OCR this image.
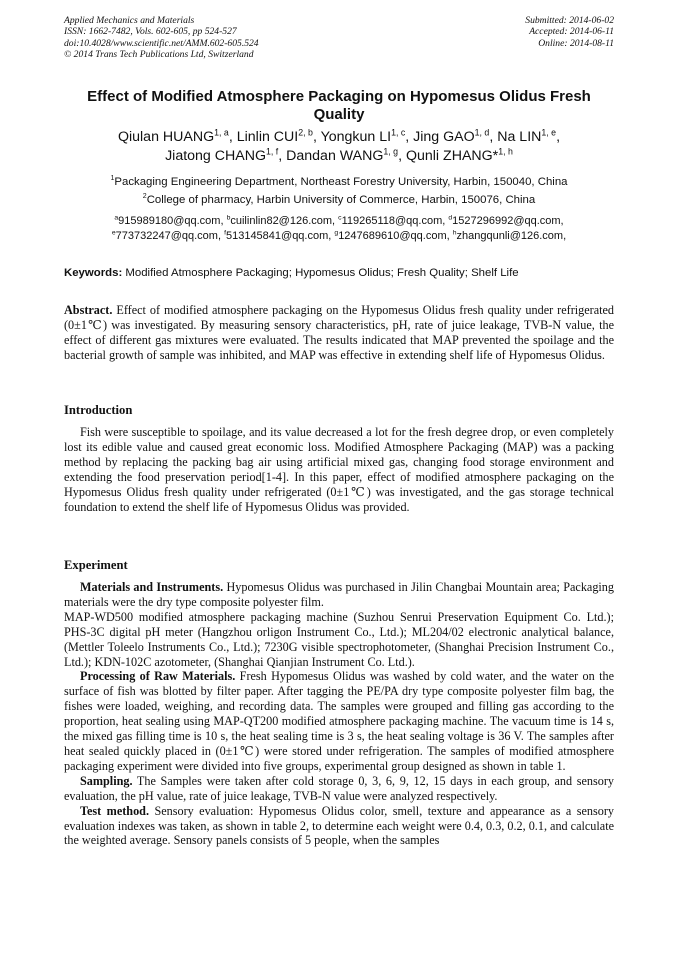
Applied Mechanics and Materials
ISSN: 1662-7482, Vols. 602-605, pp 524-527
doi:10.4028/www.scientific.net/AMM.602-605.524
© 2014 Trans Tech Publications Ltd, Switzerland
Submitted: 2014-06-02
Accepted: 2014-06-11
Online: 2014-08-11
Effect of Modified Atmosphere Packaging on Hypomesus Olidus Fresh Quality
Qiulan HUANG$^{1, a}$, Linlin CUI$^{2, b}$, Yongkun LI$^{1, c}$, Jing GAO$^{1, d}$, Na LIN$^{1, e}$,
Jiatong CHANG$^{1, f}$, Dandan WANG$^{1, g}$, Qunli ZHANG*$^{1, h}$
$^1$Packaging Engineering Department, Northeast Forestry University, Harbin, 150040, China
$^2$College of pharmacy, Harbin University of Commerce, Harbin, 150076, China
$^a$915989180@qq.com, $^b$cuilinlin82@126.com, $^c$119265118@qq.com, $^d$1527296992@qq.com,
$^e$773732247@qq.com, $^f$513145841@qq.com, $^g$1247689610@qq.com, $^h$zhangqunli@126.com,
Keywords: Modified Atmosphere Packaging; Hypomesus Olidus; Fresh Quality; Shelf Life

Abstract. Effect of modified atmosphere packaging on the Hypomesus Olidus fresh quality under refrigerated (0±1℃) was investigated. By measuring sensory characteristics, pH, rate of juice leakage, TVB-N value, the effect of different gas mixtures were evaluated. The results indicated that MAP prevented the spoilage and the bacterial growth of sample was inhibited, and MAP was effective in extending shelf life of Hypomesus Olidus.

Introduction

Fish were susceptible to spoilage, and its value decreased a lot for the fresh degree drop, or even completely lost its edible value and caused great economic loss. Modified Atmosphere Packaging (MAP) was a packing method by replacing the packing bag air using artificial mixed gas, changing food storage environment and extending the food preservation period[1-4]. In this paper, effect of modified atmosphere packaging on the Hypomesus Olidus fresh quality under refrigerated (0±1℃) was investigated, and the gas storage technical foundation to extend the shelf life of Hypomesus Olidus was provided.

Experiment

Materials and Instruments. Hypomesus Olidus was purchased in Jilin Changbai Mountain area; Packaging materials were the dry type composite polyester film.

MAP-WD500 modified atmosphere packaging machine (Suzhou Senrui Preservation Equipment Co. Ltd.); PHS-3C digital pH meter (Hangzhou orligon Instrument Co., Ltd.); ML204/02 electronic analytical balance, (Mettler Toleelo Instruments Co., Ltd.); 7230G visible spectrophotometer, (Shanghai Precision Instrument Co., Ltd.); KDN-102C azotometer, (Shanghai Qianjian Instrument Co. Ltd.).

Processing of Raw Materials. Fresh Hypomesus Olidus was washed by cold water, and the water on the surface of fish was blotted by filter paper. After tagging the PE/PA dry type composite polyester film bag, the fishes were loaded, weighing, and recording data. The samples were grouped and filling gas according to the proportion, heat sealing using MAP-QT200 modified atmosphere packaging machine. The vacuum time is 14 s, the mixed gas filling time is 10 s, the heat sealing time is 3 s, the heat sealing voltage is 36 V. The samples after heat sealed quickly placed in (0±1℃) were stored under refrigeration. The samples of modified atmosphere packaging experiment were divided into five groups, experimental group designed as shown in table 1.

Sampling. The Samples were taken after cold storage 0, 3, 6, 9, 12, 15 days in each group, and sensory evaluation, the pH value, rate of juice leakage, TVB-N value were analyzed respectively.

Test method. Sensory evaluation: Hypomesus Olidus color, smell, texture and appearance as a sensory evaluation indexes was taken, as shown in table 2, to determine each weight were 0.4, 0.3, 0.2, 0.1, and calculate the weighted average. Sensory panels consists of 5 people, when the samples
